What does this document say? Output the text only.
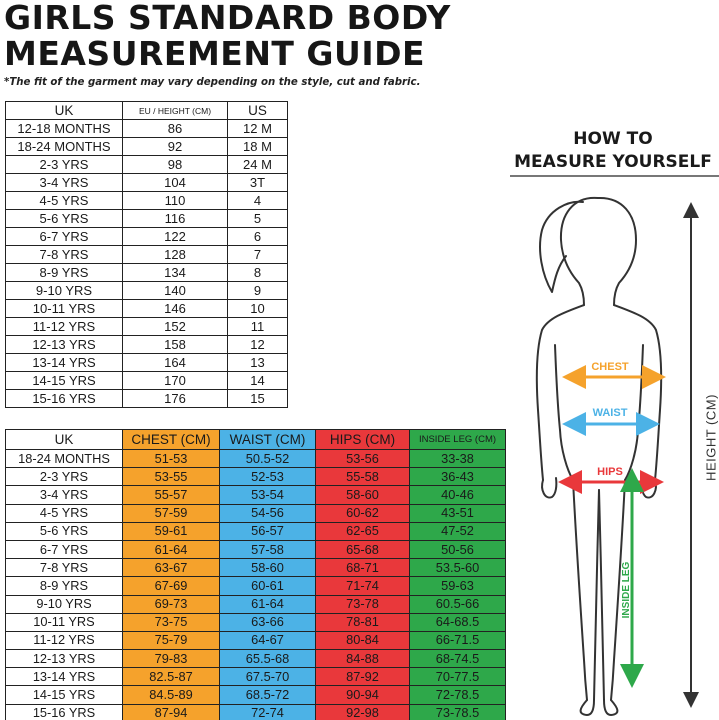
GIRLS STANDARD BODY
MEASUREMENT GUIDE
*The fit of the garment may vary depending on the style, cut and fabric.
UK	EU / HEIGHT (CM)	US
12-18 MONTHS	86	12 M
18-24 MONTHS	92	18 M
2-3 YRS	98	24 M
3-4 YRS	104	3T
4-5 YRS	110	4
5-6 YRS	116	5
6-7 YRS	122	6
7-8 YRS	128	7
8-9 YRS	134	8
9-10 YRS	140	9
10-11 YRS	146	10
11-12 YRS	152	11
12-13 YRS	158	12
13-14 YRS	164	13
14-15 YRS	170	14
15-16 YRS	176	15
UK	CHEST (CM)	WAIST (CM)	HIPS (CM)	INSIDE LEG (CM)
18-24 MONTHS	51-53	50.5-52	53-56	33-38
2-3 YRS	53-55	52-53	55-58	36-43
3-4 YRS	55-57	53-54	58-60	40-46
4-5 YRS	57-59	54-56	60-62	43-51
5-6 YRS	59-61	56-57	62-65	47-52
6-7 YRS	61-64	57-58	65-68	50-56
7-8 YRS	63-67	58-60	68-71	53.5-60
8-9 YRS	67-69	60-61	71-74	59-63
9-10 YRS	69-73	61-64	73-78	60.5-66
10-11 YRS	73-75	63-66	78-81	64-68.5
11-12 YRS	75-79	64-67	80-84	66-71.5
12-13 YRS	79-83	65.5-68	84-88	68-74.5
13-14 YRS	82.5-87	67.5-70	87-92	70-77.5
14-15 YRS	84.5-89	68.5-72	90-94	72-78.5
15-16 YRS	87-94	72-74	92-98	73-78.5
HOW TO
MEASURE YOURSELF
CHEST
WAIST
HIPS
INSIDE LEG
HEIGHT (CM)
